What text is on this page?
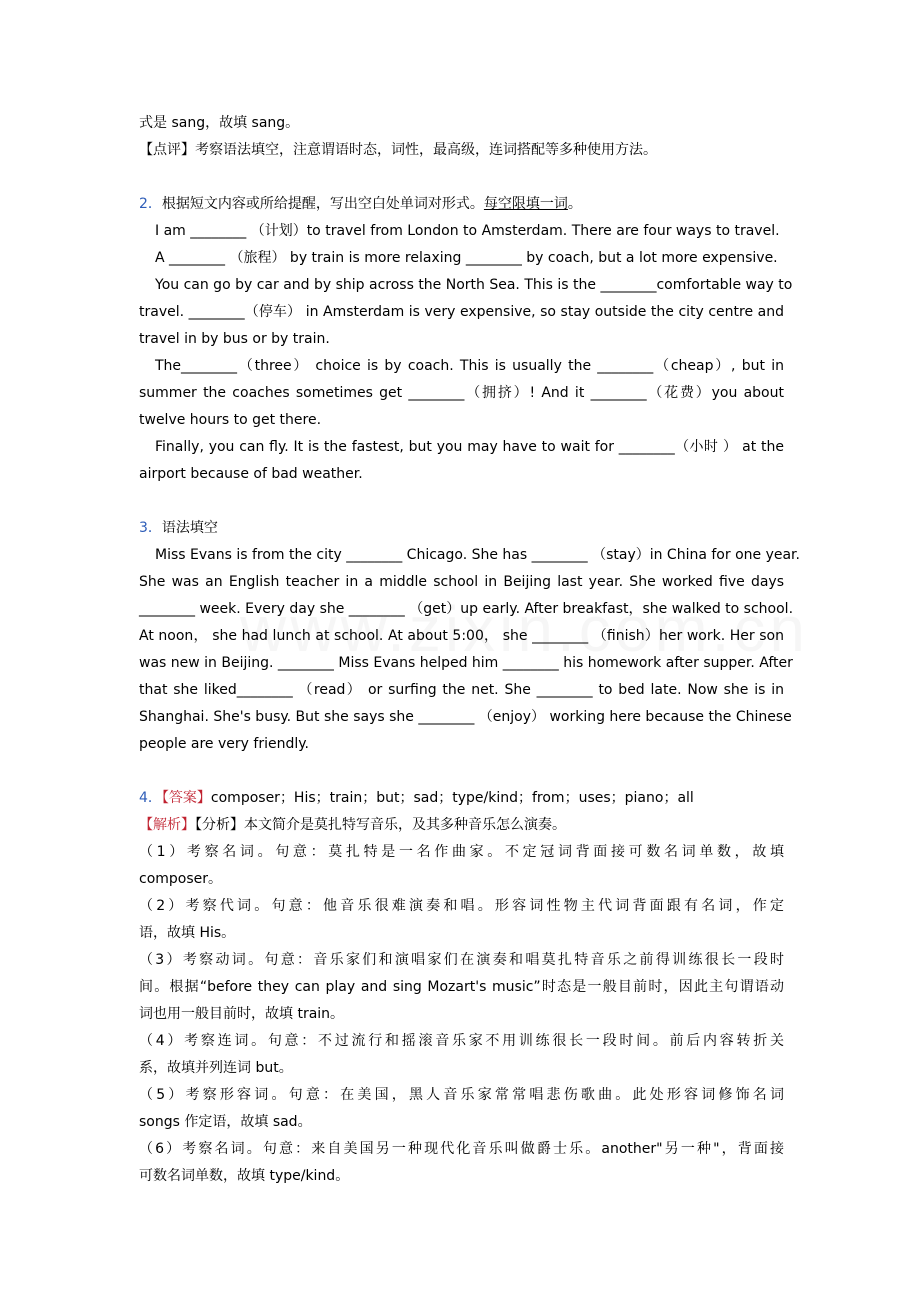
式是 sang，故填 sang。
【点评】考察语法填空，注意谓语时态，词性，最高级，连词搭配等多种使用方法。
2．根据短文内容或所给提醒，写出空白处单词对形式。每空限填一词。
I am ________ （计划）to travel from London to Amsterdam. There are four ways to travel.
A ________ （旅程） by train is more relaxing ________ by coach, but a lot more expensive.
You can go by car and by ship across the North Sea. This is the ________comfortable way to
travel. ________（停车） in Amsterdam is very expensive, so stay outside the city centre and
travel in by bus or by train.
The________（three） choice is by coach. This is usually the ________（cheap）, but in
summer the coaches sometimes get ________（拥挤）! And it ________（花费）you about
twelve hours to get there.
Finally, you can fly. It is the fastest, but you may have to wait for ________（小时 ） at the
airport because of bad weather.
3．语法填空
Miss Evans is from the city ________ Chicago. She has ________ （stay）in China for one year.
She was an English teacher in a middle school in Beijing last year. She worked five days
________ week. Every day she ________ （get）up early. After breakfast，she walked to school.
At noon， she had lunch at school. At about 5:00， she ________ （finish）her work. Her son
was new in Beijing. ________ Miss Evans helped him ________ his homework after supper. After
that she liked________ （read） or surfing the net. She ________ to bed late. Now she is in
Shanghai. She's busy. But she says she ________ （enjoy） working here because the Chinese
people are very friendly.
4．【答案】composer；His；train；but；sad；type/kind；from；uses；piano；all
【解析】【分析】本文简介是莫扎特写音乐，及其多种音乐怎么演奏。
（1）考察名词。句意：莫扎特是一名作曲家。不定冠词背面接可数名词单数，故填
composer。
（2）考察代词。句意：他音乐很难演奏和唱。形容词性物主代词背面跟有名词，作定
语，故填 His。
（3）考察动词。句意：音乐家们和演唱家们在演奏和唱莫扎特音乐之前得训练很长一段时
间。根据“before they can play and sing Mozart's music”时态是一般目前时，因此主句谓语动
词也用一般目前时，故填 train。
（4）考察连词。句意：不过流行和摇滚音乐家不用训练很长一段时间。前后内容转折关
系，故填并列连词 but。
（5）考察形容词。句意：在美国，黑人音乐家常常唱悲伤歌曲。此处形容词修饰名词
songs 作定语，故填 sad。
（6）考察名词。句意：来自美国另一种现代化音乐叫做爵士乐。another"另一种"，背面接
可数名词单数，故填 type/kind。
